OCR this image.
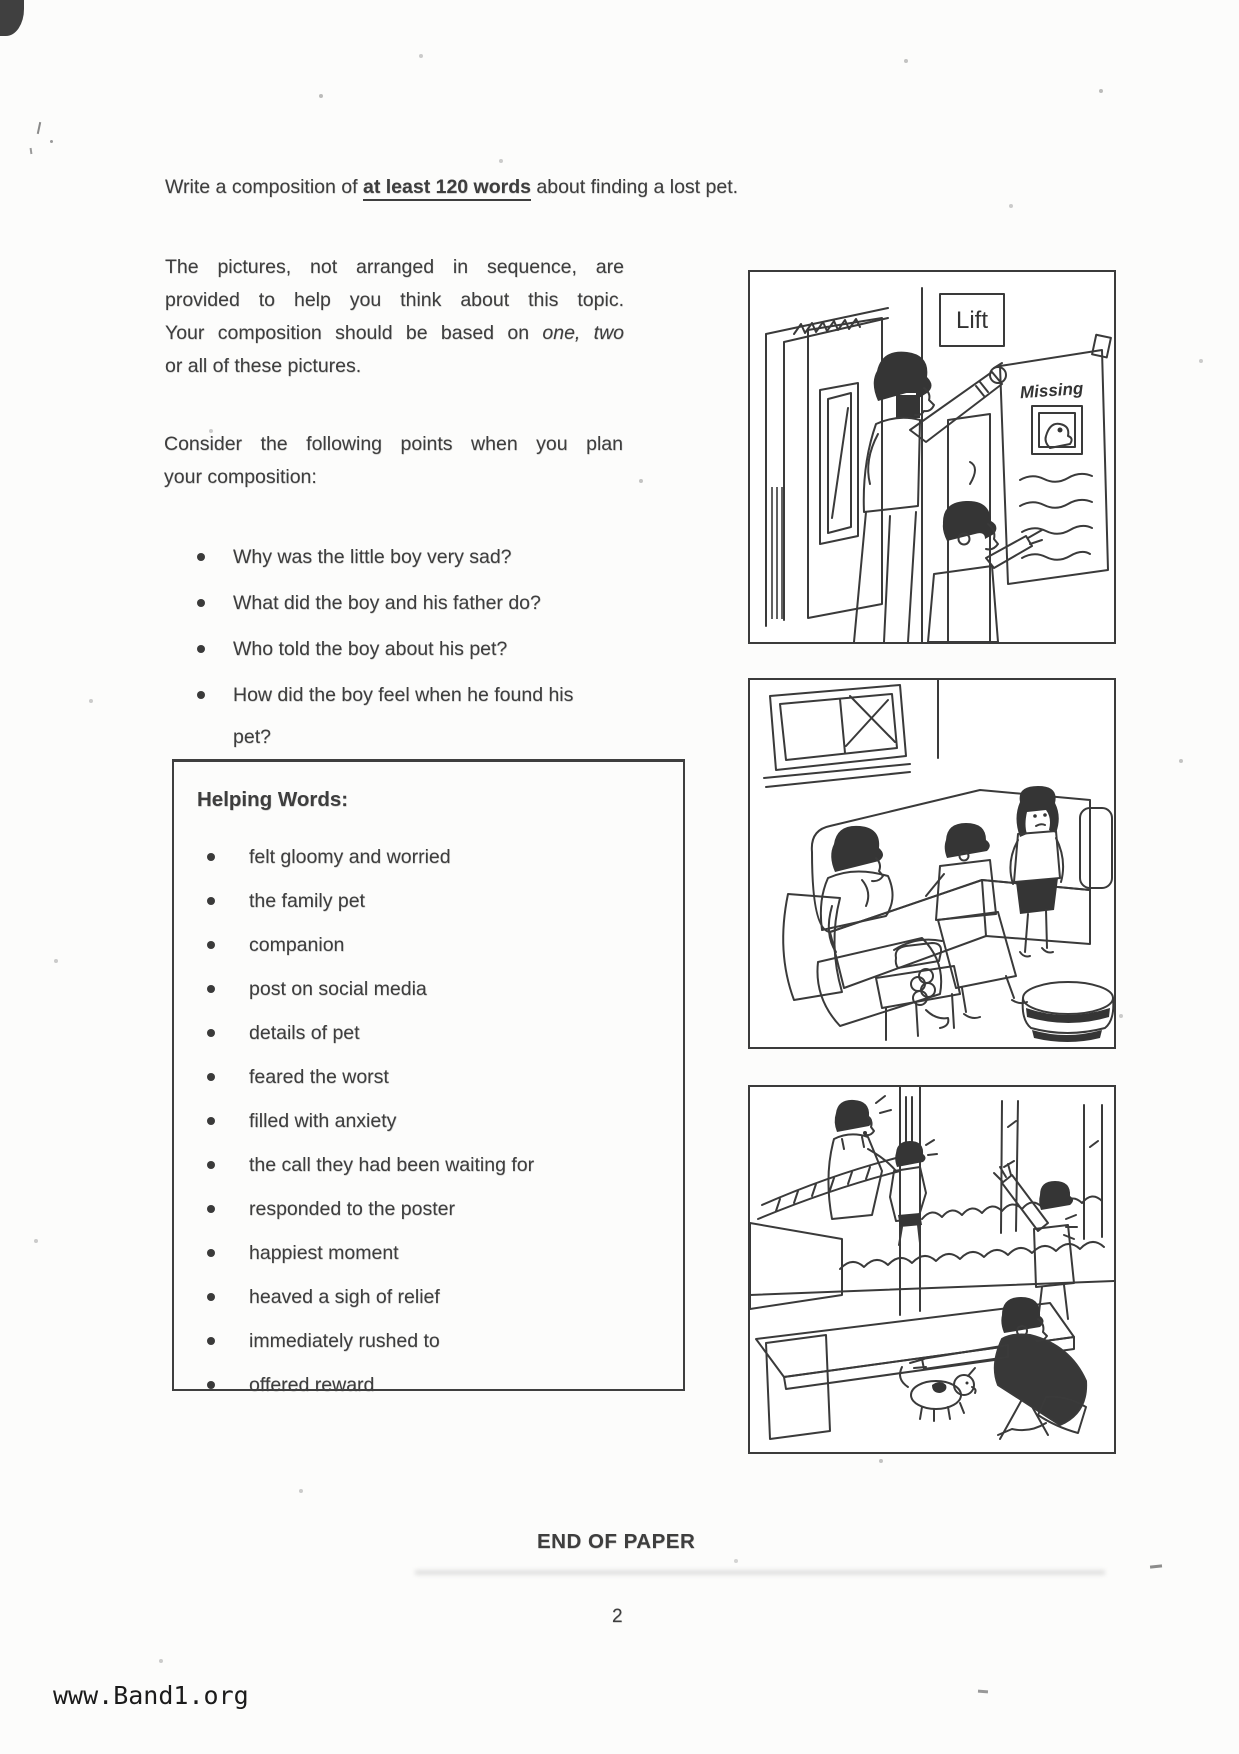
Write a composition of at least 120 words about finding a lost pet.
The pictures, not arranged in sequence, are
provided to help you think about this topic.
Your composition should be based on one, two
or all of these pictures.
Consider the following points when you plan
your composition:
Why was the little boy very sad?
What did the boy and his father do?
Who told the boy about his pet?
How did the boy feel when he found his pet?
Helping Words:
felt gloomy and worried
the family pet
companion
post on social media
details of pet
feared the worst
filled with anxiety
the call they had been waiting for
responded to the poster
happiest moment
heaved a sigh of relief
immediately rushed to
offered reward
Lift
Missing
END OF PAPER
2
www.Band1.org
